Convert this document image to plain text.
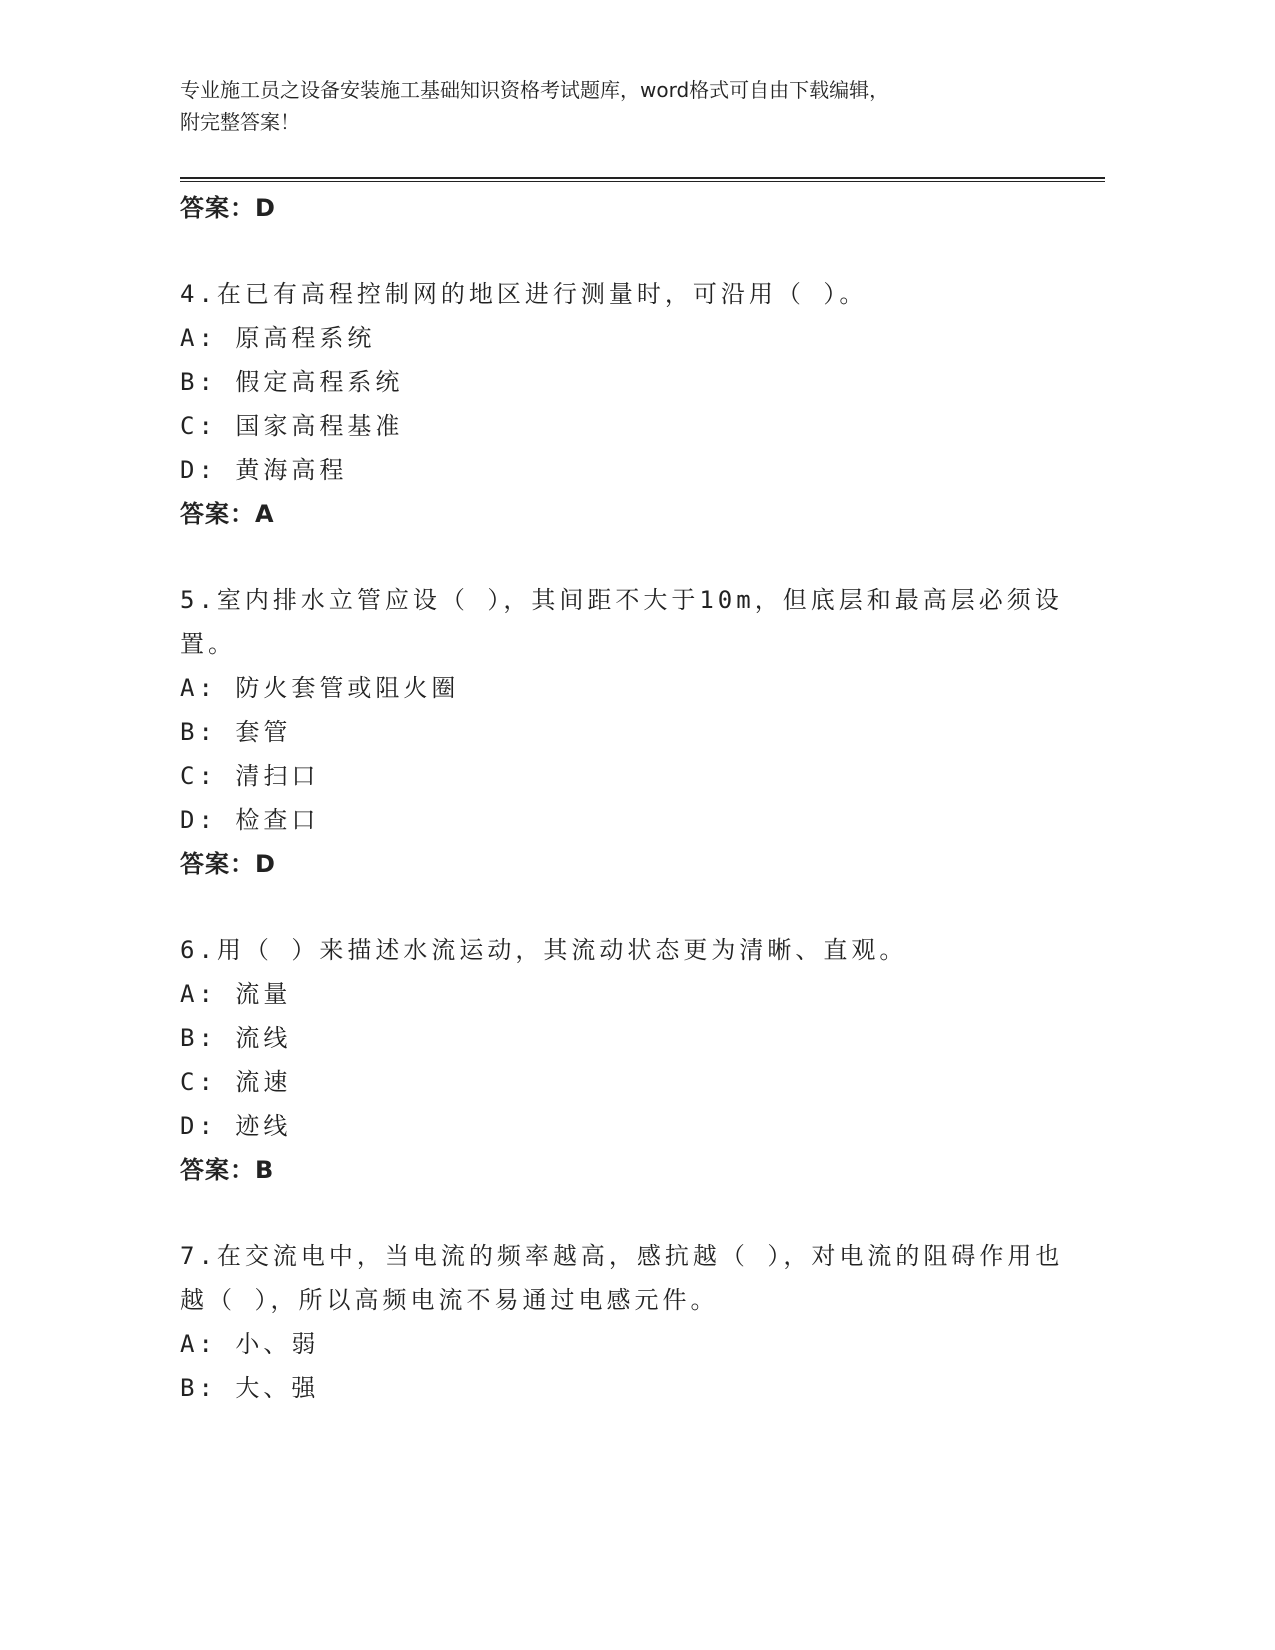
专业施工员之设备安装施工基础知识资格考试题库，word格式可自由下载编辑，
附完整答案！
答案：D
4.在已有高程控制网的地区进行测量时，可沿用（ ）。
A: 原高程系统
B: 假定高程系统
C: 国家高程基准
D: 黄海高程
答案：A
5.室内排水立管应设（ ），其间距不大于10m，但底层和最高层必须设置。
A: 防火套管或阻火圈
B: 套管
C: 清扫口
D: 检查口
答案：D
6.用（ ）来描述水流运动，其流动状态更为清晰、直观。
A: 流量
B: 流线
C: 流速
D: 迹线
答案：B
7.在交流电中，当电流的频率越高，感抗越（ ），对电流的阻碍作用也越（ ），所以高频电流不易通过电感元件。
A: 小、弱
B: 大、强
